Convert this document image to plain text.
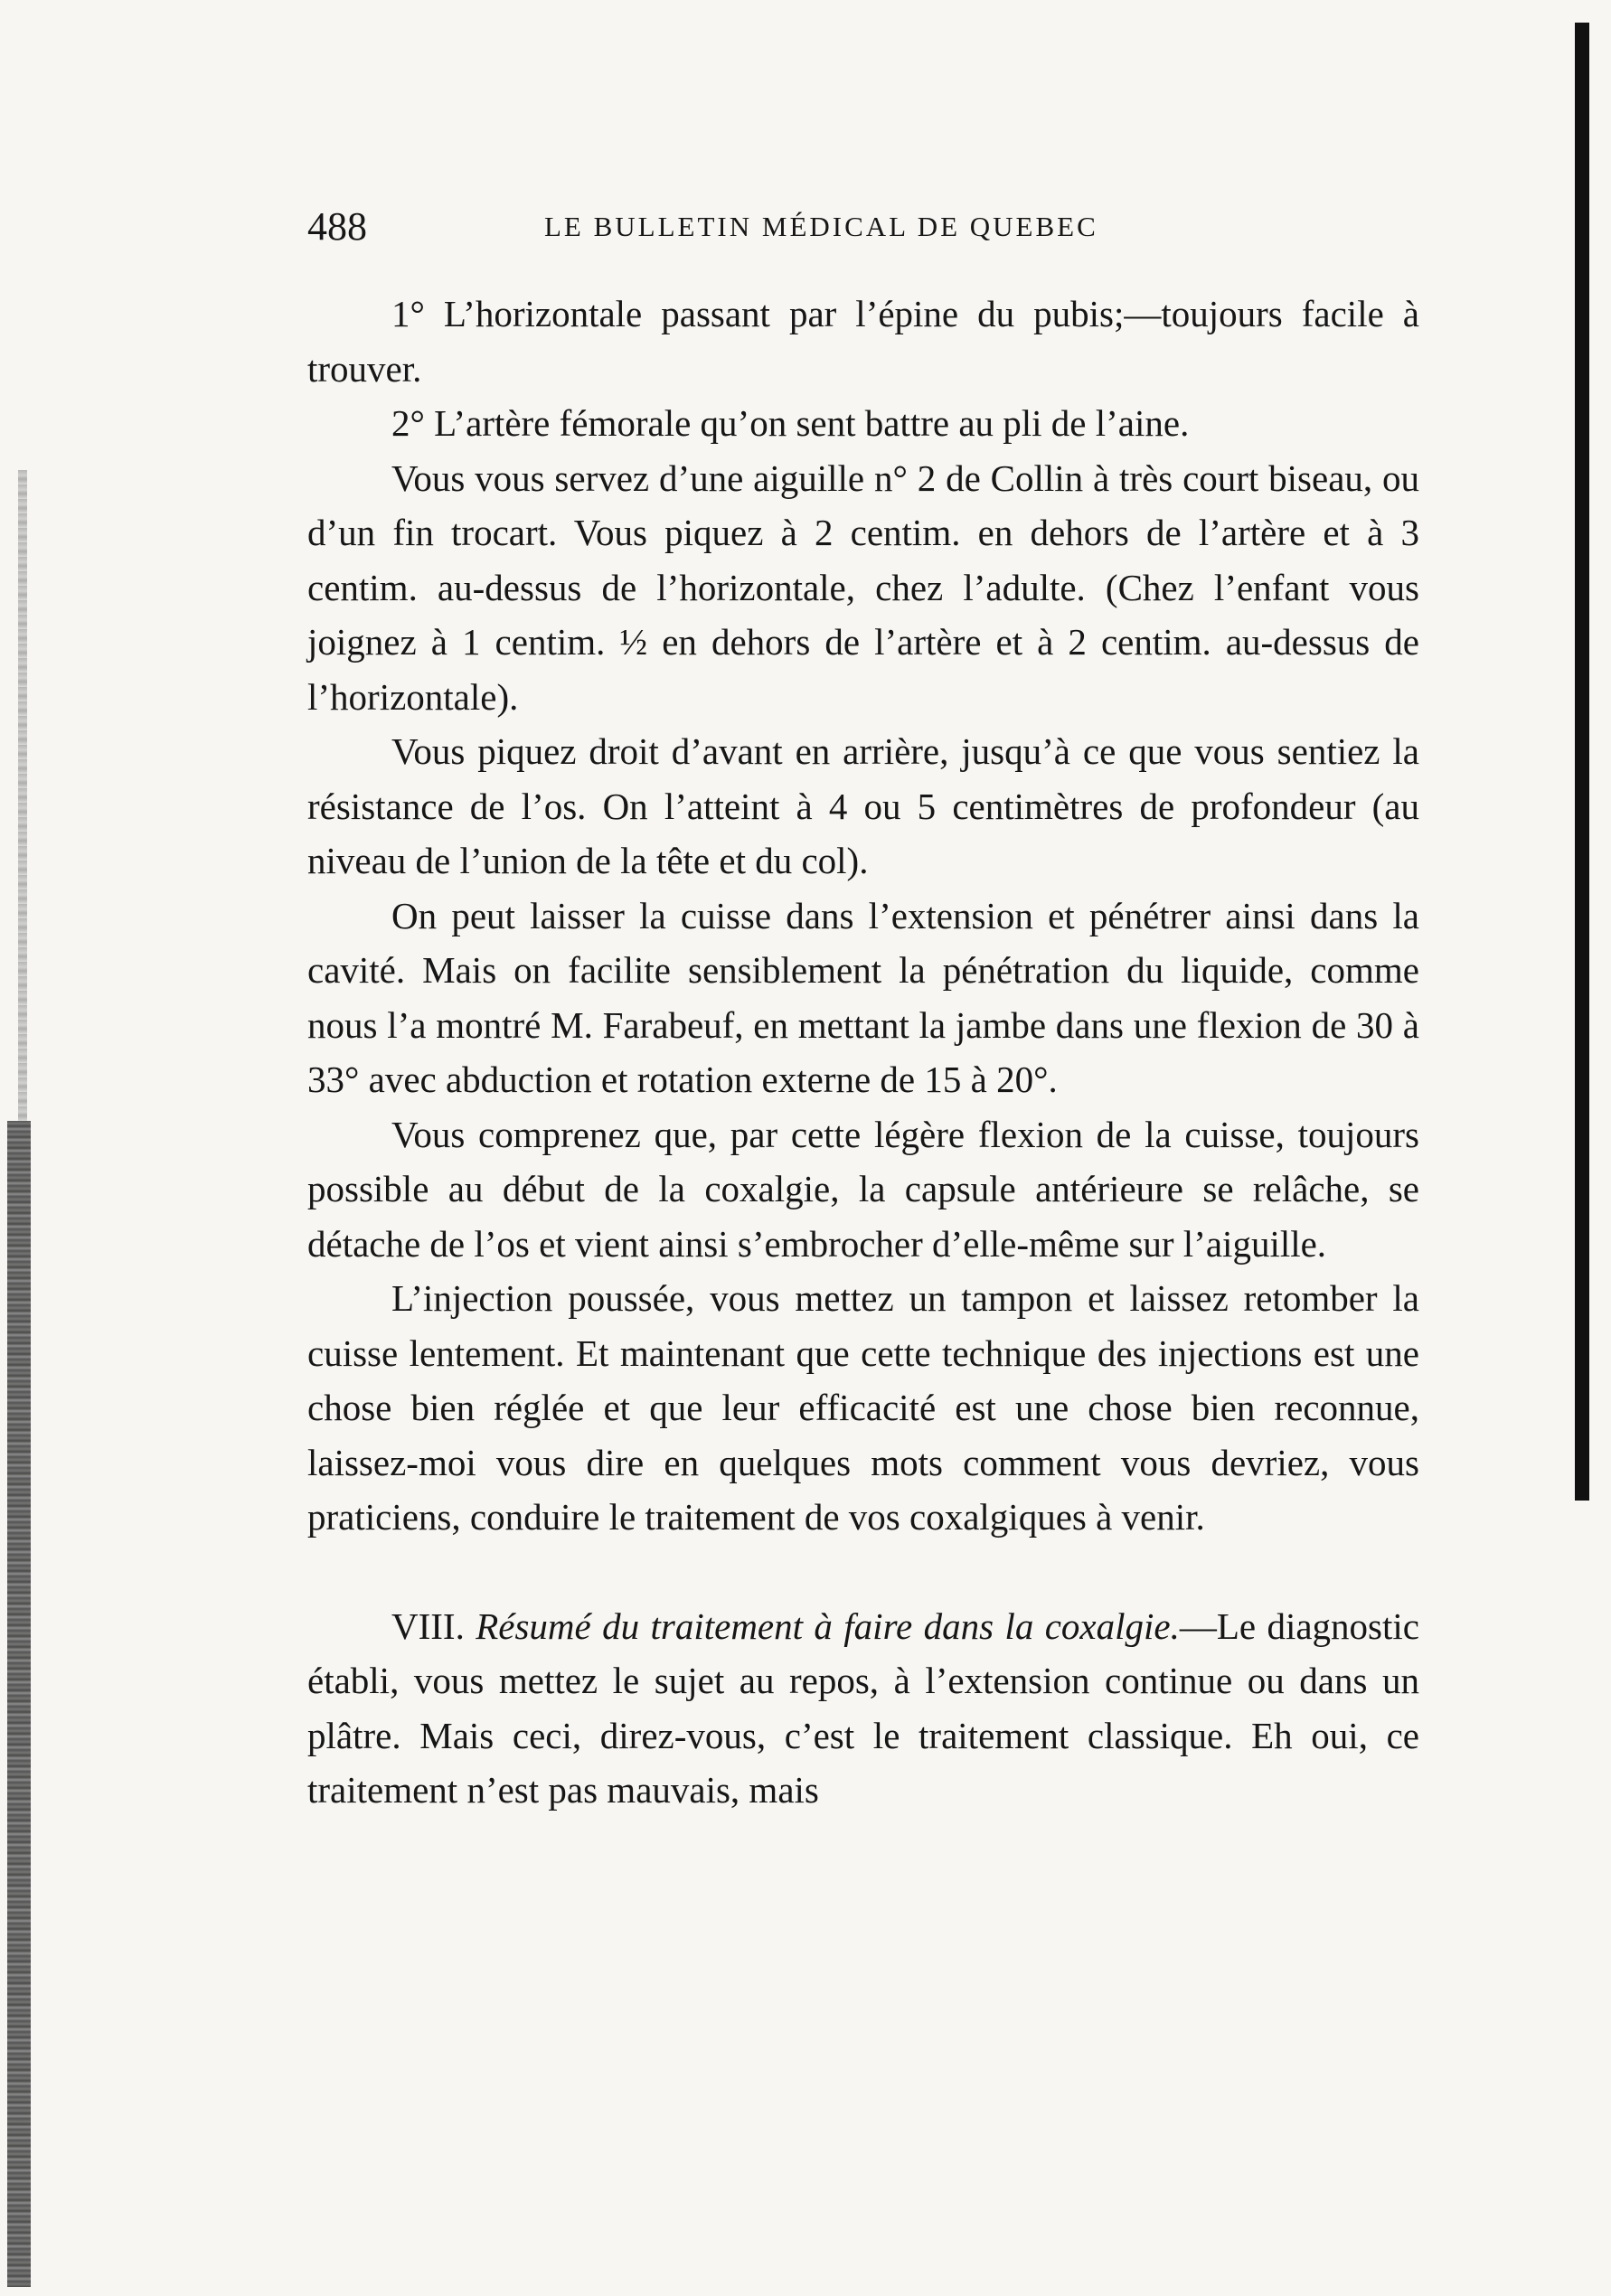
488	LE BULLETIN MÉDICAL DE QUEBEC

1° L’horizontale passant par l’épine du pubis;—toujours facile à trouver.

2° L’artère fémorale qu’on sent battre au pli de l’aine.

Vous vous servez d’une aiguille n° 2 de Collin à très court biseau, ou d’un fin trocart. Vous piquez à 2 centim. en dehors de l’artère et à 3 centim. au-dessus de l’horizontale, chez l’adulte. (Chez l’enfant vous joignez à 1 centim. ½ en dehors de l’artère et à 2 centim. au-dessus de l’horizontale).

Vous piquez droit d’avant en arrière, jusqu’à ce que vous sentiez la résistance de l’os. On l’atteint à 4 ou 5 centimètres de profondeur (au niveau de l’union de la tête et du col).

On peut laisser la cuisse dans l’extension et pénétrer ainsi dans la cavité. Mais on facilite sensiblement la pénétration du liquide, comme nous l’a montré M. Farabeuf, en mettant la jambe dans une flexion de 30 à 33° avec abduction et rotation externe de 15 à 20°.

Vous comprenez que, par cette légère flexion de la cuisse, toujours possible au début de la coxalgie, la capsule antérieure se relâche, se détache de l’os et vient ainsi s’embrocher d’elle-même sur l’aiguille.

L’injection poussée, vous mettez un tampon et laissez retomber la cuisse lentement. Et maintenant que cette technique des injections est une chose bien réglée et que leur efficacité est une chose bien reconnue, laissez-moi vous dire en quelques mots comment vous devriez, vous praticiens, conduire le traitement de vos coxalgiques à venir.

VIII. Résumé du traitement à faire dans la coxalgie.—Le diagnostic établi, vous mettez le sujet au repos, à l’extension continue ou dans un plâtre. Mais ceci, direz-vous, c’est le traitement classique. Eh oui, ce traitement n’est pas mauvais, mais
